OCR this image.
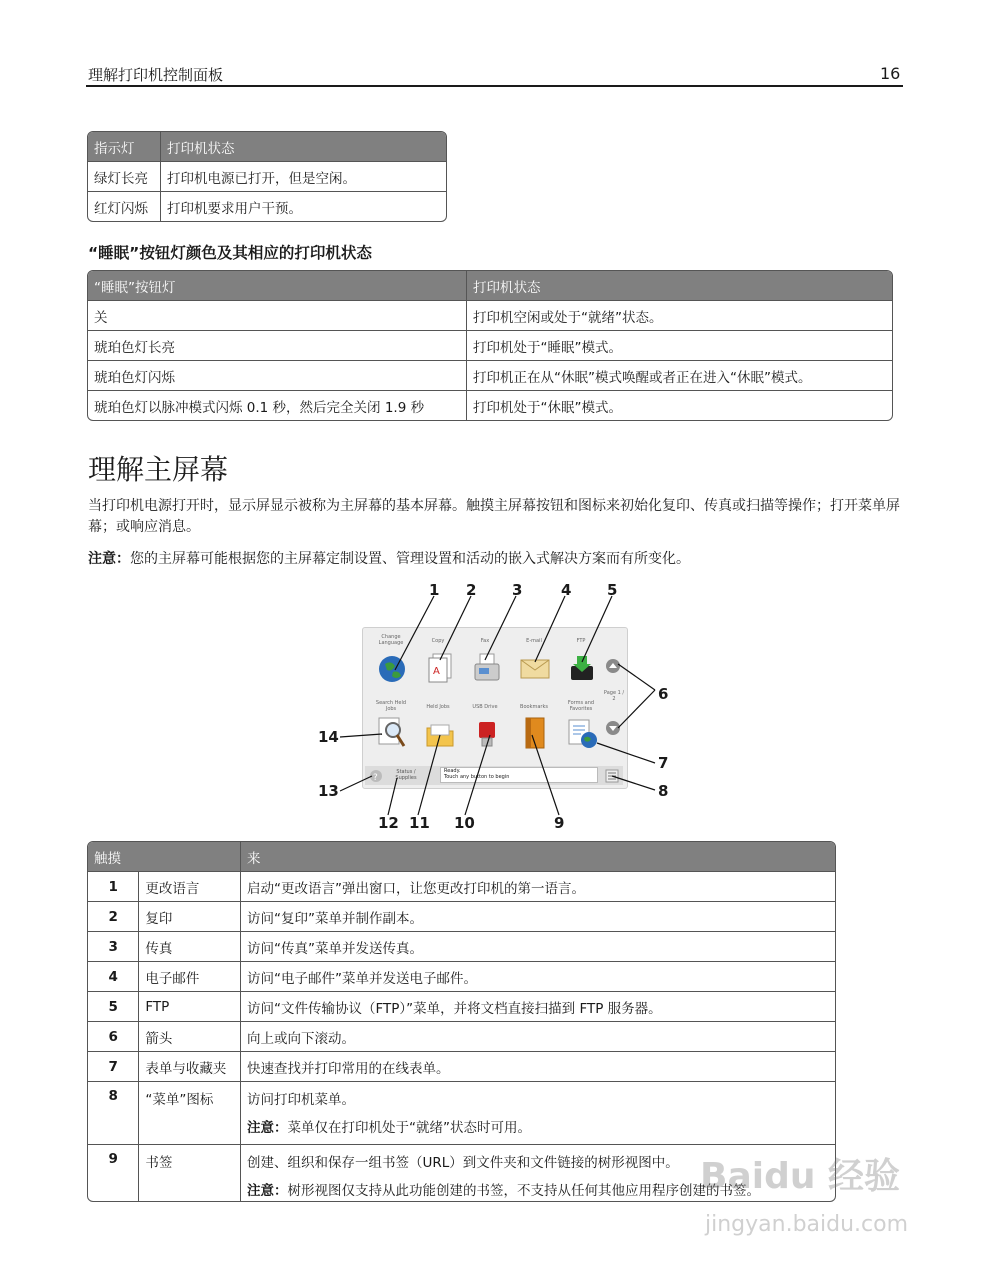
理解打印机控制面板	16
指示灯	打印机状态
绿灯长亮	打印机电源已打开，但是空闲。
红灯闪烁	打印机要求用户干预。
“睡眠”按钮灯颜色及其相应的打印机状态
“睡眠”按钮灯	打印机状态
关	打印机空闲或处于“就绪”状态。
琥珀色灯长亮	打印机处于“睡眠”模式。
琥珀色灯闪烁	打印机正在从“休眠”模式唤醒或者正在进入“休眠”模式。
琥珀色灯以脉冲模式闪烁 0.1 秒，然后完全关闭 1.9 秒	打印机处于“休眠”模式。
理解主屏幕
当打印机电源打开时，显示屏显示被称为主屏幕的基本屏幕。触摸主屏幕按钮和图标来初始化复印、传真或扫描等操作；打开菜单屏幕；或响应消息。
注意：您的主屏幕可能根据您的主屏幕定制设置、管理设置和活动的嵌入式解决方案而有所变化。
Change Language	Copy	Fax	E-mail	FTP
A
Page 1 / 2
Search Held Jobs	Held Jobs	USB Drive	Bookmarks
Forms and Favorites
?
Status / Supplies
Ready.
Touch any button to begin
1 2 3	4 5
6
7
8
9
10
11
12
13
14
触摸		来
1	更改语言	启动“更改语言”弹出窗口，让您更改打印机的第一语言。
2	复印	访问“复印”菜单并制作副本。
3	传真	访问“传真”菜单并发送传真。
4	电子邮件	访问“电子邮件”菜单并发送电子邮件。
5	FTP	访问“文件传输协议（FTP）”菜单，并将文档直接扫描到 FTP 服务器。
6	箭头	向上或向下滚动。
7	表单与收藏夹	快速查找并打印常用的在线表单。
8	“菜单”图标	访问打印机菜单。
注意：菜单仅在打印机处于“就绪”状态时可用。

9	书签	创建、组织和保存一组书签（URL）到文件夹和文件链接的树形视图中。
注意：树形视图仅支持从此功能创建的书签，不支持从任何其他应用程序创建的书签。
Baidu 经验
jingyan.baidu.com
